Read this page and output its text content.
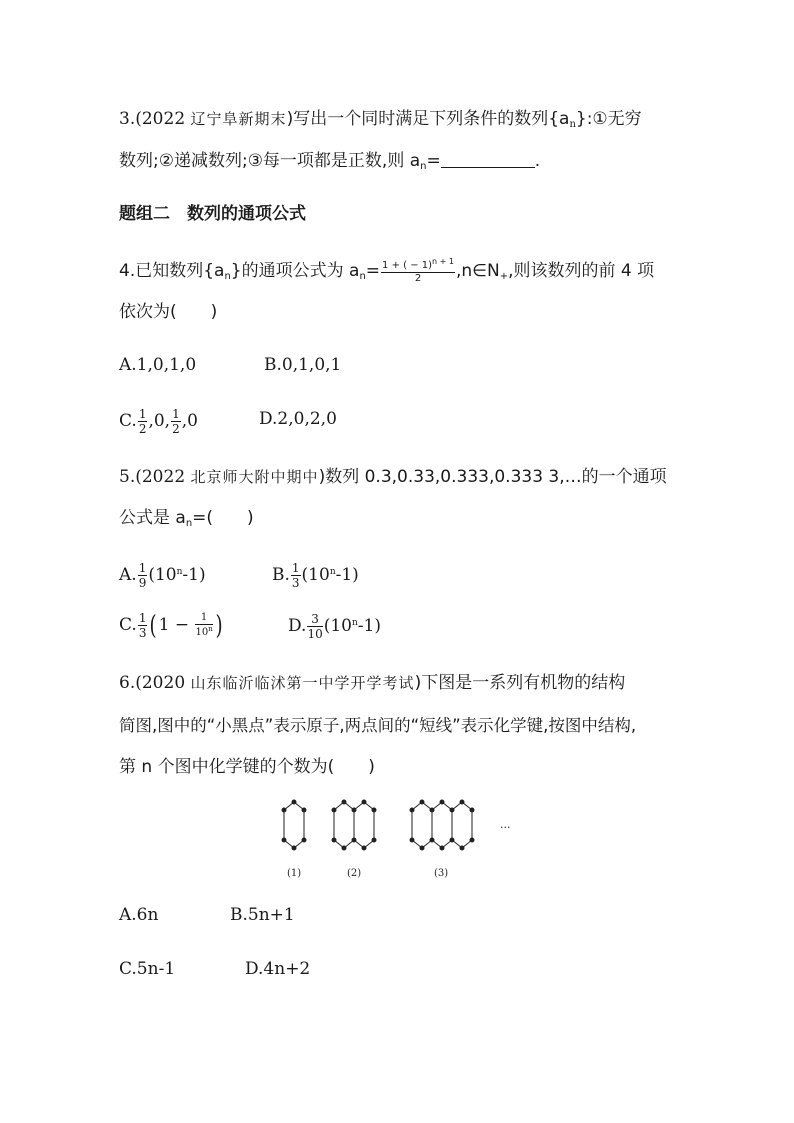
3.(2022 辽宁阜新期末)写出一个同时满足下列条件的数列$\{a_n\}:①$无穷
数列;②递减数列;③每一项都是正数,则 $a_n=$	.
题组二　数列的通项公式
4.已知数列$\{a_n\}$的通项公式为 $a_n= \frac{1 + ( - 1)^{n + 1}}{2}$ $,n\in N_+$,则该数列的前 4 项
依次为(　　)
A.1,0,1,0	B.0,1,0,1
C. $\frac{1}{2} ,0$, $\frac{1}{2} ,0$	D.2,0,2,0
5.(2022 北京师大附中期中)数列 0.3,0.33,0.333,0.333 3,…的一个通项
公式是 $a_n=$(　　)
A. $\frac{1}{9} (10^n-1)$	B. $\frac{1}{3} (10^n-1)$
C. $\frac{1}{3} (1 - \frac{1}{10^n}$ )	D. $\frac{3}{10} (10^n-1)$
6.(2020 山东临沂临沭第一中学开学考试)下图是一系列有机物的结构
简图,图中的“小黑点”表示原子,两点间的“短线”表示化学键,按图中结构,
第 n 个图中化学键的个数为(　　)
···
(1)	(2)	(3)
A.6n	B.5n+1
C.5n-1	D.4n+2
